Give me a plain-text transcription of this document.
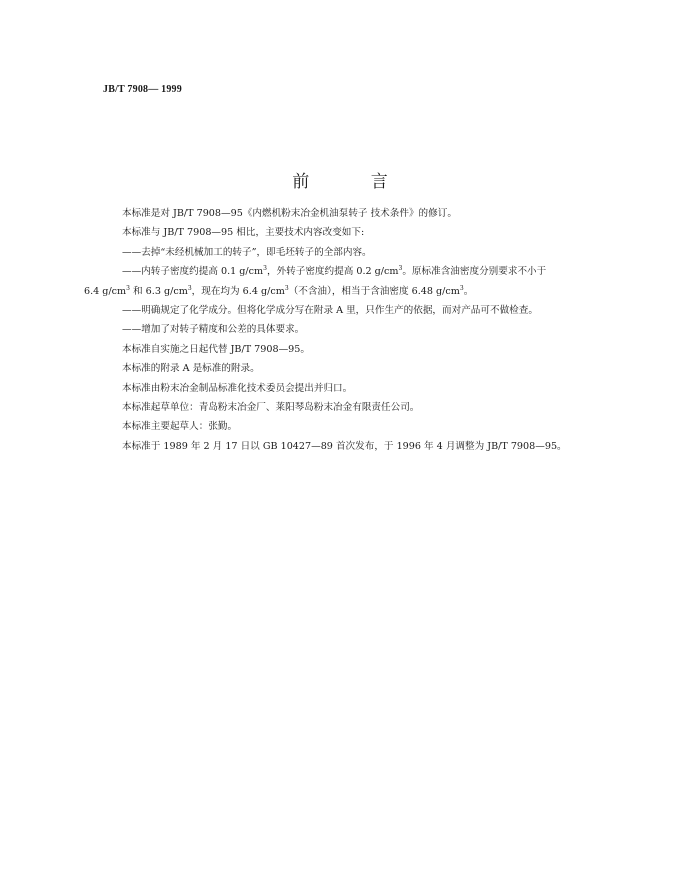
JB/T 7908— 1999
前 言

本标准是对 JB/T 7908—95《内燃机粉末冶金机油泵转子 技术条件》的修订。

本标准与 JB/T 7908—95 相比，主要技术内容改变如下:

——去掉“未经机械加工的转子”，即毛坯转子的全部内容。

——内转子密度约提高 0.1 $g/cm^3$，外转子密度约提高 0.2 $g/cm^3$。原标准含油密度分别要求不小于

6.4 $g/cm^3$ 和 6.3 $g/cm^3$，现在均为 6.4 $g/cm^3$（不含油），相当于含油密度 6.48 $g/cm^3$。

——明确规定了化学成分。但将化学成分写在附录 A 里，只作生产的依据，而对产品可不做检查。

——增加了对转子精度和公差的具体要求。

本标准自实施之日起代替 JB/T 7908—95。

本标准的附录 A 是标准的附录。

本标准由粉末冶金制品标准化技术委员会提出并归口。

本标准起草单位：青岛粉末冶金厂、莱阳琴岛粉末冶金有限责任公司。

本标准主要起草人：张勤。

本标准于 1989 年 2 月 17 日以 GB 10427—89 首次发布，于 1996 年 4 月调整为 JB/T 7908—95。
